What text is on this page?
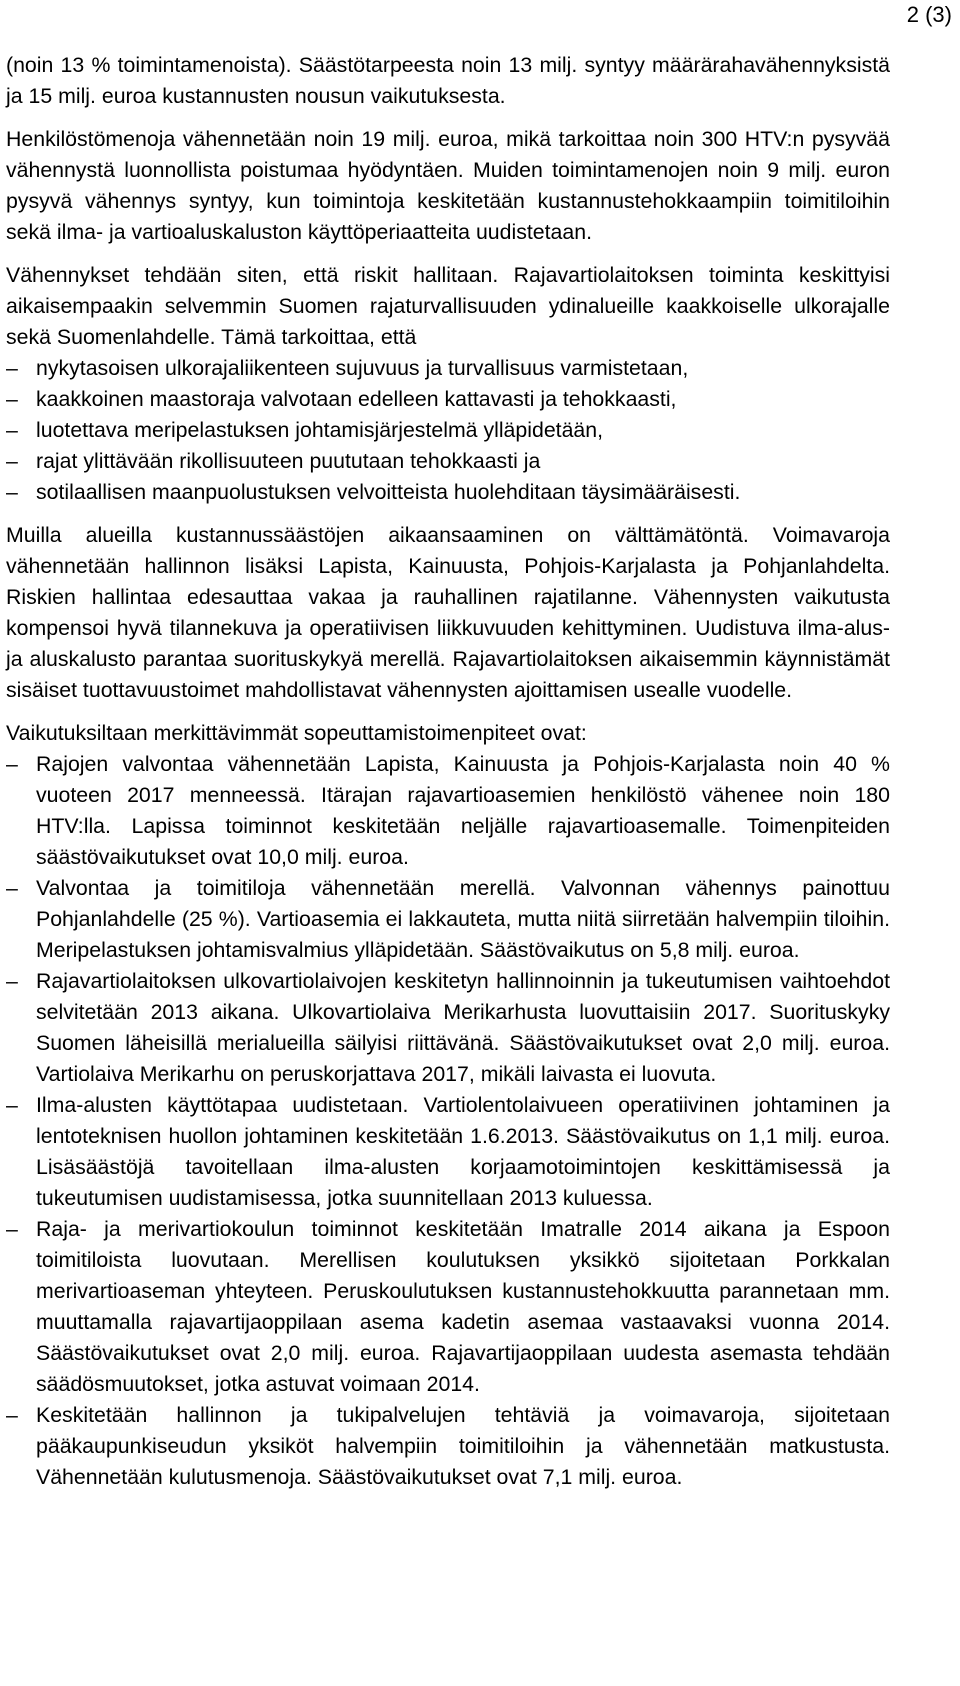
2 (3)

(noin 13 % toimintamenoista). Säästötarpeesta noin 13 milj. syntyy määrärahavähennyksistä ja 15 milj. euroa kustannusten nousun vaikutuksesta.

Henkilöstömenoja vähennetään noin 19 milj. euroa, mikä tarkoittaa noin 300 HTV:n pysyvää vähennystä luonnollista poistumaa hyödyntäen. Muiden toimintamenojen noin 9 milj. euron pysyvä vähennys syntyy, kun toimintoja keskitetään kustannustehokkaampiin toimitiloihin sekä ilma- ja vartioaluskaluston käyttöperiaatteita uudistetaan.

Vähennykset tehdään siten, että riskit hallitaan. Rajavartiolaitoksen toiminta keskittyisi aikaisempaakin selvemmin Suomen rajaturvallisuuden ydinalueille kaakkoiselle ulkorajalle sekä Suomenlahdelle. Tämä tarkoittaa, että

– nykytasoisen ulkorajaliikenteen sujuvuus ja turvallisuus varmistetaan,
– kaakkoinen maastoraja valvotaan edelleen kattavasti ja tehokkaasti,
– luotettava meripelastuksen johtamisjärjestelmä ylläpidetään,
– rajat ylittävään rikollisuuteen puututaan tehokkaasti ja
– sotilaallisen maanpuolustuksen velvoitteista huolehditaan täysimääräisesti.

Muilla alueilla kustannussäästöjen aikaansaaminen on välttämätöntä. Voimavaroja vähennetään hallinnon lisäksi Lapista, Kainuusta, Pohjois-Karjalasta ja Pohjanlahdelta. Riskien hallintaa edesauttaa vakaa ja rauhallinen rajatilanne. Vähennysten vaikutusta kompensoi hyvä tilannekuva ja operatiivisen liikkuvuuden kehittyminen. Uudistuva ilma-alus- ja aluskalusto parantaa suorituskykyä merellä. Rajavartiolaitoksen aikaisemmin käynnistämät sisäiset tuottavuustoimet mahdollistavat vähennysten ajoittamisen usealle vuodelle.

Vaikutuksiltaan merkittävimmät sopeuttamistoimenpiteet ovat:

– Rajojen valvontaa vähennetään Lapista, Kainuusta ja Pohjois-Karjalasta noin 40 % vuoteen 2017 menneessä. Itärajan rajavartioasemien henkilöstö vähenee noin 180 HTV:lla. Lapissa toiminnot keskitetään neljälle rajavartioasemalle. Toimenpiteiden säästövaikutukset ovat 10,0 milj. euroa.
– Valvontaa ja toimitiloja vähennetään merellä. Valvonnan vähennys painottuu Pohjanlahdelle (25 %). Vartioasemia ei lakkauteta, mutta niitä siirretään halvempiin tiloihin. Meripelastuksen johtamisvalmius ylläpidetään. Säästövaikutus on 5,8 milj. euroa.
– Rajavartiolaitoksen ulkovartiolaivojen keskitetyn hallinnoinnin ja tukeutumisen vaihtoehdot selvitetään 2013 aikana. Ulkovartiolaiva Merikarhusta luovuttaisiin 2017. Suorituskyky Suomen läheisillä merialueilla säilyisi riittävänä. Säästövaikutukset ovat 2,0 milj. euroa. Vartiolaiva Merikarhu on peruskorjattava 2017, mikäli laivasta ei luovuta.
– Ilma-alusten käyttötapaa uudistetaan. Vartiolentolaivueen operatiivinen johtaminen ja lentoteknisen huollon johtaminen keskitetään 1.6.2013. Säästövaikutus on 1,1 milj. euroa. Lisäsäästöjä tavoitellaan ilma-alusten korjaamotoimintojen keskittämisessä ja tukeutumisen uudistamisessa, jotka suunnitellaan 2013 kuluessa.
– Raja- ja merivartiokoulun toiminnot keskitetään Imatralle 2014 aikana ja Espoon toimitiloista luovutaan. Merellisen koulutuksen yksikkö sijoitetaan Porkkalan merivartioaseman yhteyteen. Peruskoulutuksen kustannustehokkuutta parannetaan mm. muuttamalla rajavartijaoppilaan asema kadetin asemaa vastaavaksi vuonna 2014. Säästövaikutukset ovat 2,0 milj. euroa. Rajavartijaoppilaan uudesta asemasta tehdään säädösmuutokset, jotka astuvat voimaan 2014.
– Keskitetään hallinnon ja tukipalvelujen tehtäviä ja voimavaroja, sijoitetaan pääkaupunkiseudun yksiköt halvempiin toimitiloihin ja vähennetään matkustusta. Vähennetään kulutusmenoja. Säästövaikutukset ovat 7,1 milj. euroa.
